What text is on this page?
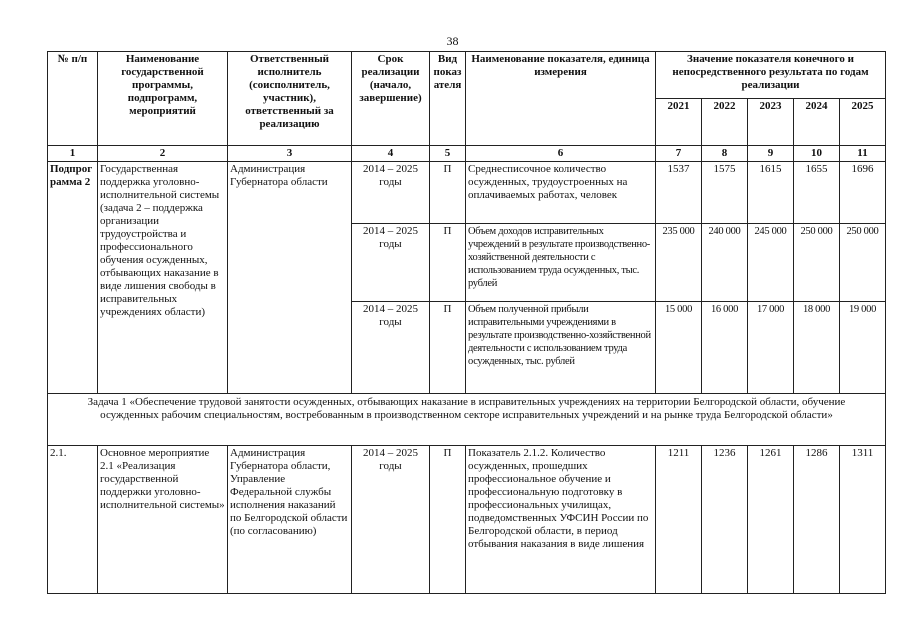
38
№ п/п	Наименование государственной программы, подпрограмм, мероприятий	Ответственный исполнитель (соисполнитель, участник), ответственный за реализацию	Срок реализации (начало, завершение)	Вид показателя	Наименование показателя, единица измерения	Значение показателя конечного и непосредственного результата по годам реализации				
						2021	2022	2023	2024	2025
1	2	3	4	5	6	7	8	9	10	11
Подпрограмма 2	Государственная поддержка уголовно-исполнительной системы (задача 2 – поддержка организации трудоустройства и профессионального обучения осужденных, отбывающих наказание в виде лишения свободы в исправительных учреждениях области)	Администрация Губернатора области	2014 – 2025 годы	П	Среднесписочное количество осужденных, трудоустроенных на оплачиваемых работах, человек	1537	1575	1615	1655	1696
			2014 – 2025 годы	П	Объем доходов исправительных учреждений в результате производственно-хозяйственной деятельности с использованием труда осужденных, тыс. рублей	235 000	240 000	245 000	250 000	250 000
			2014 – 2025 годы	П	Объем полученной прибыли исправительными учреждениями в результате производственно-хозяйственной деятельности с использованием труда осужденных, тыс. рублей	15 000	16 000	17 000	18 000	19 000
Задача 1 «Обеспечение трудовой занятости осужденных, отбывающих наказание в исправительных учреждениях на территории Белгородской области, обучение осужденных рабочим специальностям, востребованным в производственном секторе исправительных учреждений и на рынке труда Белгородской области»										
2.1.	Основное мероприятие 2.1 «Реализация государственной поддержки уголовно-исполнительной системы»	Администрация Губернатора области, Управление Федеральной службы исполнения наказаний по Белгородской области (по согласованию)	2014 – 2025 годы	П	Показатель 2.1.2. Количество осужденных, прошедших профессиональное обучение и профессиональную подготовку в профессиональных училищах, подведомственных УФСИН России по Белгородской области, в период отбывания наказания в виде лишения	1211	1236	1261	1286	1311
